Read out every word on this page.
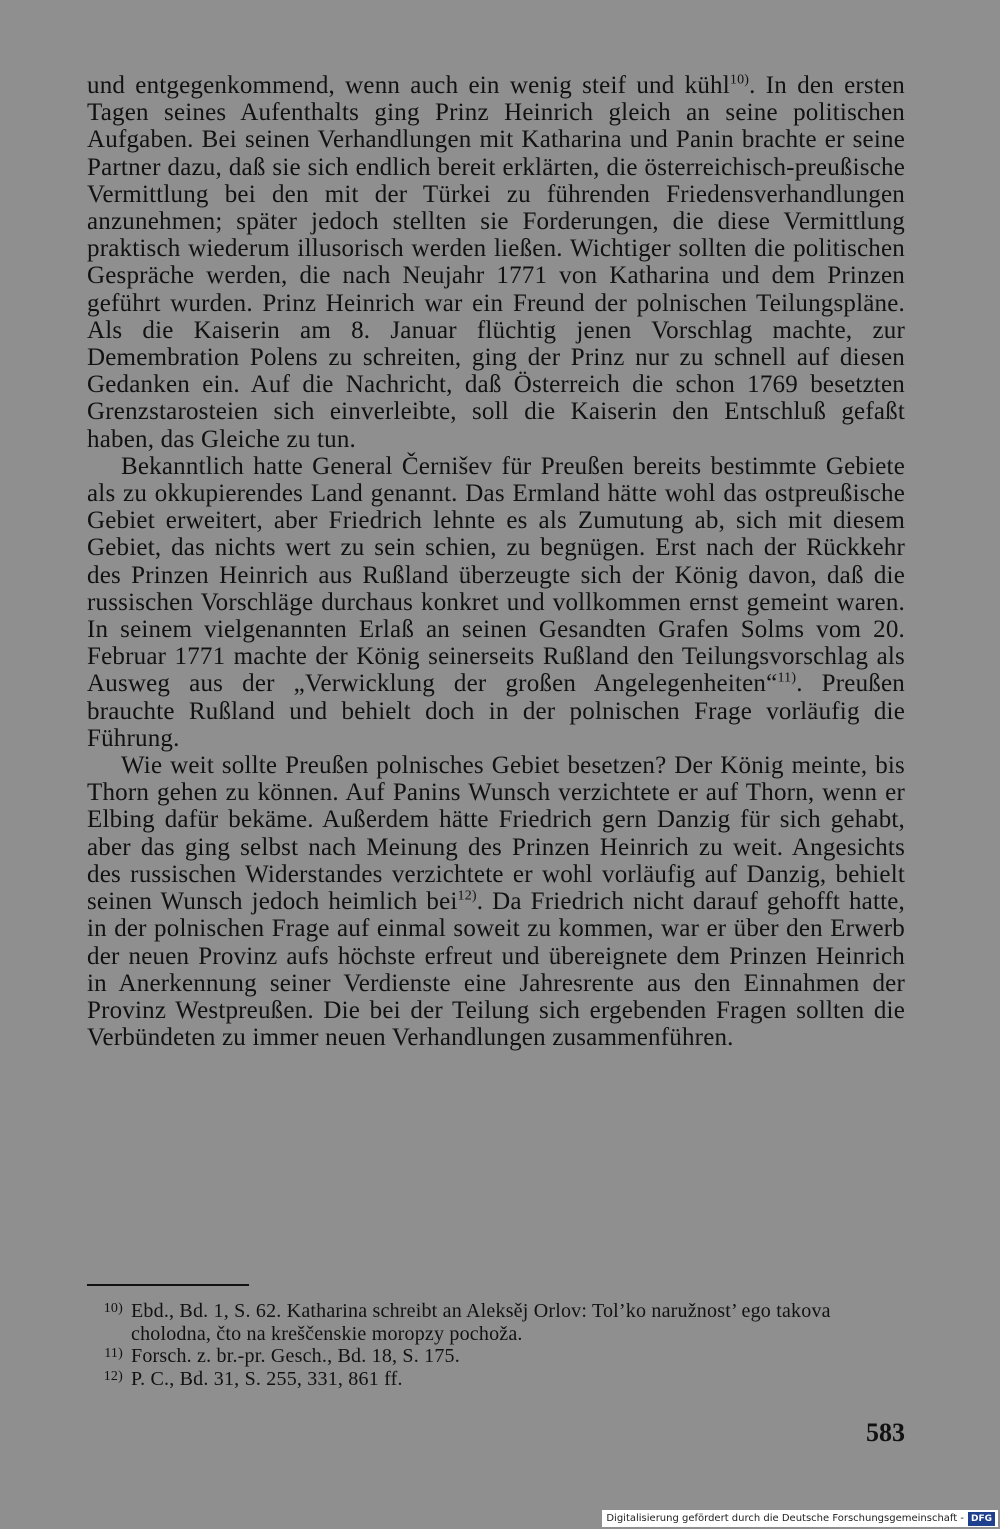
und entgegenkommend, wenn auch ein wenig steif und kühl$^{10)}$. In den ersten Tagen seines Aufenthalts ging Prinz Heinrich gleich an seine politischen Aufgaben. Bei seinen Verhandlungen mit Katharina und Panin brachte er seine Partner dazu, daß sie sich endlich bereit erklärten, die österreichisch-preußische Vermittlung bei den mit der Türkei zu führenden Friedensverhandlungen anzunehmen; später jedoch stellten sie Forderungen, die diese Vermittlung praktisch wiederum illusorisch werden ließen. Wichtiger sollten die politischen Gespräche werden, die nach Neujahr 1771 von Katharina und dem Prinzen geführt wurden. Prinz Heinrich war ein Freund der polnischen Teilungspläne. Als die Kaiserin am 8. Januar flüchtig jenen Vorschlag machte, zur Demembration Polens zu schreiten, ging der Prinz nur zu schnell auf diesen Gedanken ein. Auf die Nachricht, daß Österreich die schon 1769 besetzten Grenzstarosteien sich einverleibte, soll die Kaiserin den Entschluß gefaßt haben, das Gleiche zu tun.

Bekanntlich hatte General Černišev für Preußen bereits bestimmte Gebiete als zu okkupierendes Land genannt. Das Ermland hätte wohl das ostpreußische Gebiet erweitert, aber Friedrich lehnte es als Zumutung ab, sich mit diesem Gebiet, das nichts wert zu sein schien, zu begnügen. Erst nach der Rückkehr des Prinzen Heinrich aus Rußland überzeugte sich der König davon, daß die russischen Vorschläge durchaus konkret und vollkommen ernst gemeint waren. In seinem vielgenannten Erlaß an seinen Gesandten Grafen Solms vom 20. Februar 1771 machte der König seinerseits Rußland den Teilungsvorschlag als Ausweg aus der „Verwicklung der großen Angelegenheiten“$^{11)}$. Preußen brauchte Rußland und behielt doch in der polnischen Frage vorläufig die Führung.

Wie weit sollte Preußen polnisches Gebiet besetzen? Der König meinte, bis Thorn gehen zu können. Auf Panins Wunsch verzichtete er auf Thorn, wenn er Elbing dafür bekäme. Außerdem hätte Friedrich gern Danzig für sich gehabt, aber das ging selbst nach Meinung des Prinzen Heinrich zu weit. Angesichts des russischen Widerstandes verzichtete er wohl vorläufig auf Danzig, behielt seinen Wunsch jedoch heimlich bei$^{12)}$. Da Friedrich nicht darauf gehofft hatte, in der polnischen Frage auf einmal soweit zu kommen, war er über den Erwerb der neuen Provinz aufs höchste erfreut und übereignete dem Prinzen Heinrich in Anerkennung seiner Verdienste eine Jahresrente aus den Einnahmen der Provinz Westpreußen. Die bei der Teilung sich ergebenden Fragen sollten die Verbündeten zu immer neuen Verhandlungen zusammenführen.

10) Ebd., Bd. 1, S. 62. Katharina schreibt an Aleksěj Orlov: Tol’ko naružnost’ ego takova cholodna, čto na kreščenskie moropzy pochoža.
11) Forsch. z. br.-pr. Gesch., Bd. 18, S. 175.
12) P. C., Bd. 31, S. 255, 331, 861 ff.
583
Digitalisierung gefördert durch die Deutsche Forschungsgemeinschaft - DFG
